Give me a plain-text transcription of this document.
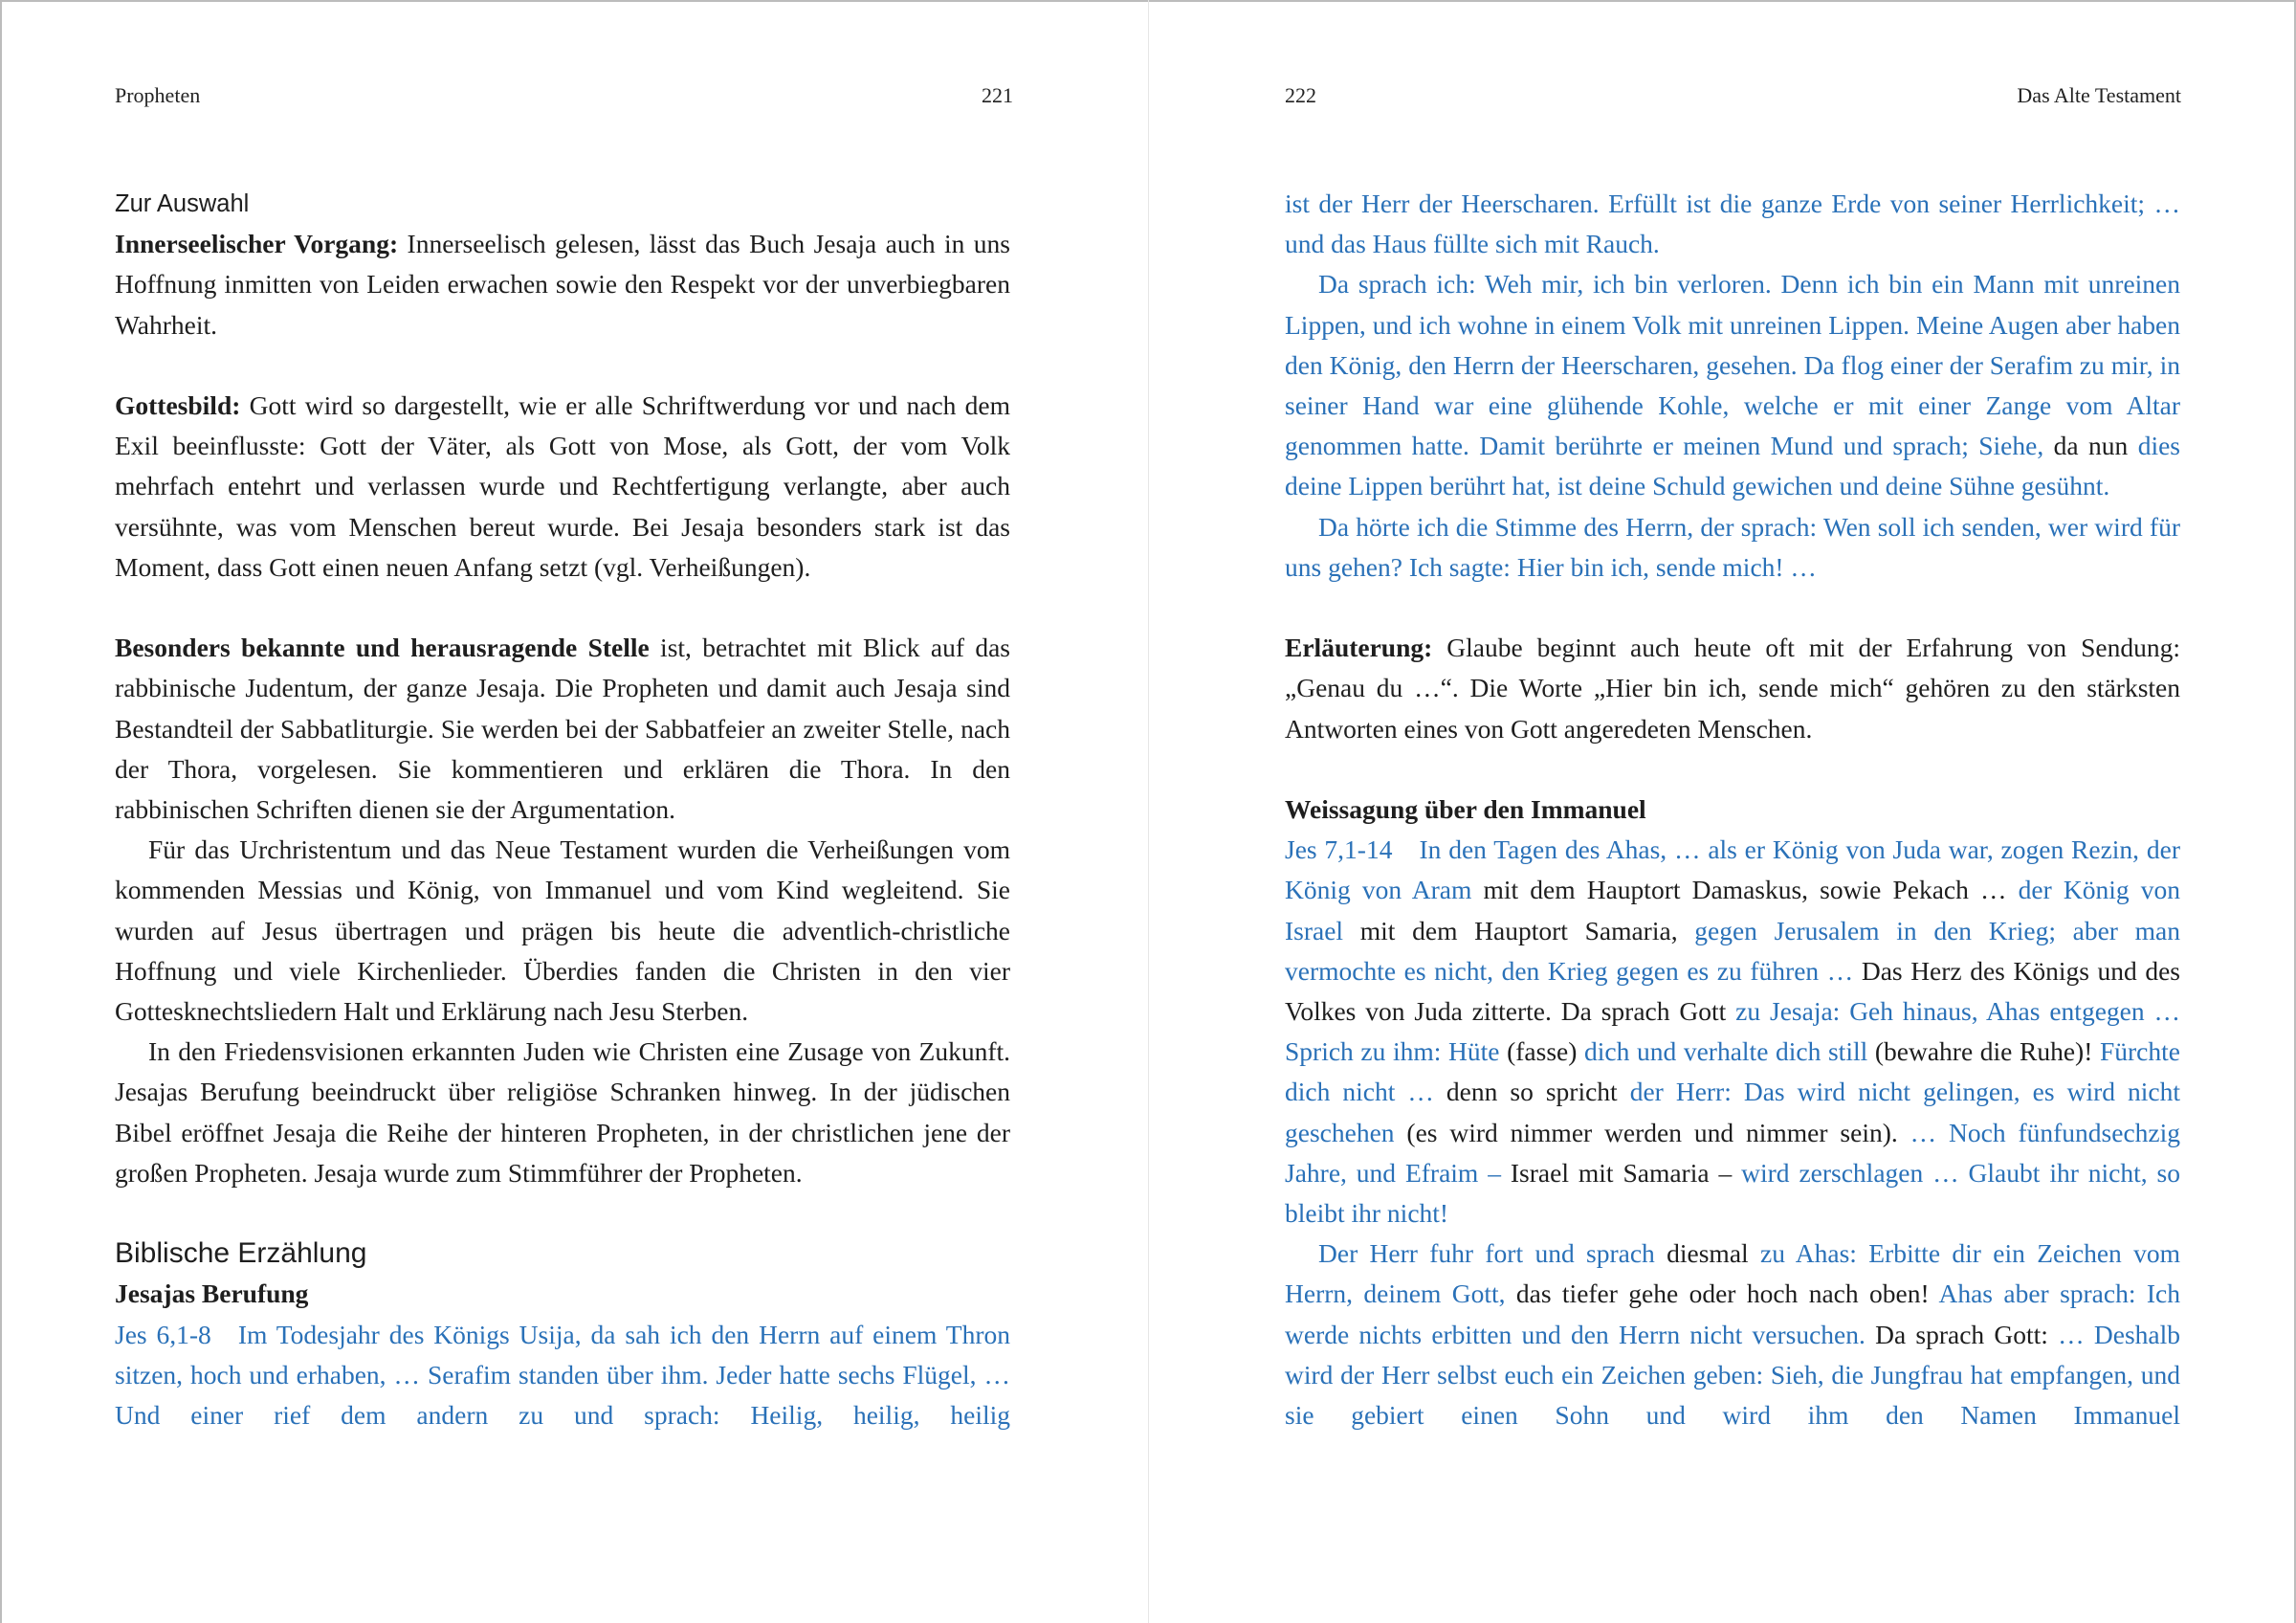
Propheten	221

Zur Auswahl

Innerseelischer Vorgang: Innerseelisch gelesen, lässt das Buch Jesaja auch in uns Hoffnung inmitten von Leiden erwachen sowie den Respekt vor der unverbiegbaren Wahrheit.

Gottesbild: Gott wird so dargestellt, wie er alle Schriftwerdung vor und nach dem Exil beeinflusste: Gott der Väter, als Gott von Mose, als Gott, der vom Volk mehrfach entehrt und verlassen wurde und Rechtfertigung verlangte, aber auch versühnte, was vom Menschen bereut wurde. Bei Jesaja besonders stark ist das Moment, dass Gott einen neuen Anfang setzt (vgl. Verheißungen).

Besonders bekannte und herausragende Stelle ist, betrachtet mit Blick auf das rabbinische Judentum, der ganze Jesaja. Die Propheten und damit auch Jesaja sind Bestandteil der Sabbatliturgie. Sie werden bei der Sabbatfeier an zweiter Stelle, nach der Thora, vorgelesen. Sie kommentieren und erklären die Thora. In den rabbinischen Schriften dienen sie der Argumentation.

Für das Urchristentum und das Neue Testament wurden die Verheißungen vom kommenden Messias und König, von Immanuel und vom Kind wegleitend. Sie wurden auf Jesus übertragen und prägen bis heute die adventlich-christliche Hoffnung und viele Kirchenlieder. Überdies fanden die Christen in den vier Gottesknechtsliedern Halt und Erklärung nach Jesu Sterben.

In den Friedensvisionen erkannten Juden wie Christen eine Zusage von Zukunft. Jesajas Berufung beeindruckt über religiöse Schranken hinweg. In der jüdischen Bibel eröffnet Jesaja die Reihe der hinteren Propheten, in der christlichen jene der großen Propheten. Jesaja wurde zum Stimmführer der Propheten.

Biblische Erzählung

Jesajas Berufung

Jes 6,1-8 Im Todesjahr des Königs Usija, da sah ich den Herrn auf einem Thron sitzen, hoch und erhaben, … Serafim standen über ihm. Jeder hatte sechs Flügel, … Und einer rief dem andern zu und sprach: Heilig, heilig, heilig

222	Das Alte Testament

ist der Herr der Heerscharen. Erfüllt ist die ganze Erde von seiner Herrlichkeit; … und das Haus füllte sich mit Rauch.

Da sprach ich: Weh mir, ich bin verloren. Denn ich bin ein Mann mit unreinen Lippen, und ich wohne in einem Volk mit unreinen Lippen. Meine Augen aber haben den König, den Herrn der Heerscharen, gesehen. Da flog einer der Serafim zu mir, in seiner Hand war eine glühende Kohle, welche er mit einer Zange vom Altar genommen hatte. Damit berührte er meinen Mund und sprach; Siehe, da nun dies deine Lippen berührt hat, ist deine Schuld gewichen und deine Sühne gesühnt.

Da hörte ich die Stimme des Herrn, der sprach: Wen soll ich senden, wer wird für uns gehen? Ich sagte: Hier bin ich, sende mich! …

Erläuterung: Glaube beginnt auch heute oft mit der Erfahrung von Sendung: „Genau du …“. Die Worte „Hier bin ich, sende mich“ gehören zu den stärksten Antworten eines von Gott angeredeten Menschen.

Weissagung über den Immanuel

Jes 7,1-14 In den Tagen des Ahas, … als er König von Juda war, zogen Rezin, der König von Aram mit dem Hauptort Damaskus, sowie Pekach … der König von Israel mit dem Hauptort Samaria, gegen Jerusalem in den Krieg; aber man vermochte es nicht, den Krieg gegen es zu führen … Das Herz des Königs und des Volkes von Juda zitterte. Da sprach Gott zu Jesaja: Geh hinaus, Ahas entgegen … Sprich zu ihm: Hüte (fasse) dich und verhalte dich still (bewahre die Ruhe)! Fürchte dich nicht … denn so spricht der Herr: Das wird nicht gelingen, es wird nicht geschehen (es wird nimmer werden und nimmer sein). … Noch fünfundsechzig Jahre, und Efraim – Israel mit Samaria – wird zerschlagen … Glaubt ihr nicht, so bleibt ihr nicht!

Der Herr fuhr fort und sprach diesmal zu Ahas: Erbitte dir ein Zeichen vom Herrn, deinem Gott, das tiefer gehe oder hoch nach oben! Ahas aber sprach: Ich werde nichts erbitten und den Herrn nicht versuchen. Da sprach Gott: … Deshalb wird der Herr selbst euch ein Zeichen geben: Sieh, die Jungfrau hat empfangen, und sie gebiert einen Sohn und wird ihm den Namen Immanuel
